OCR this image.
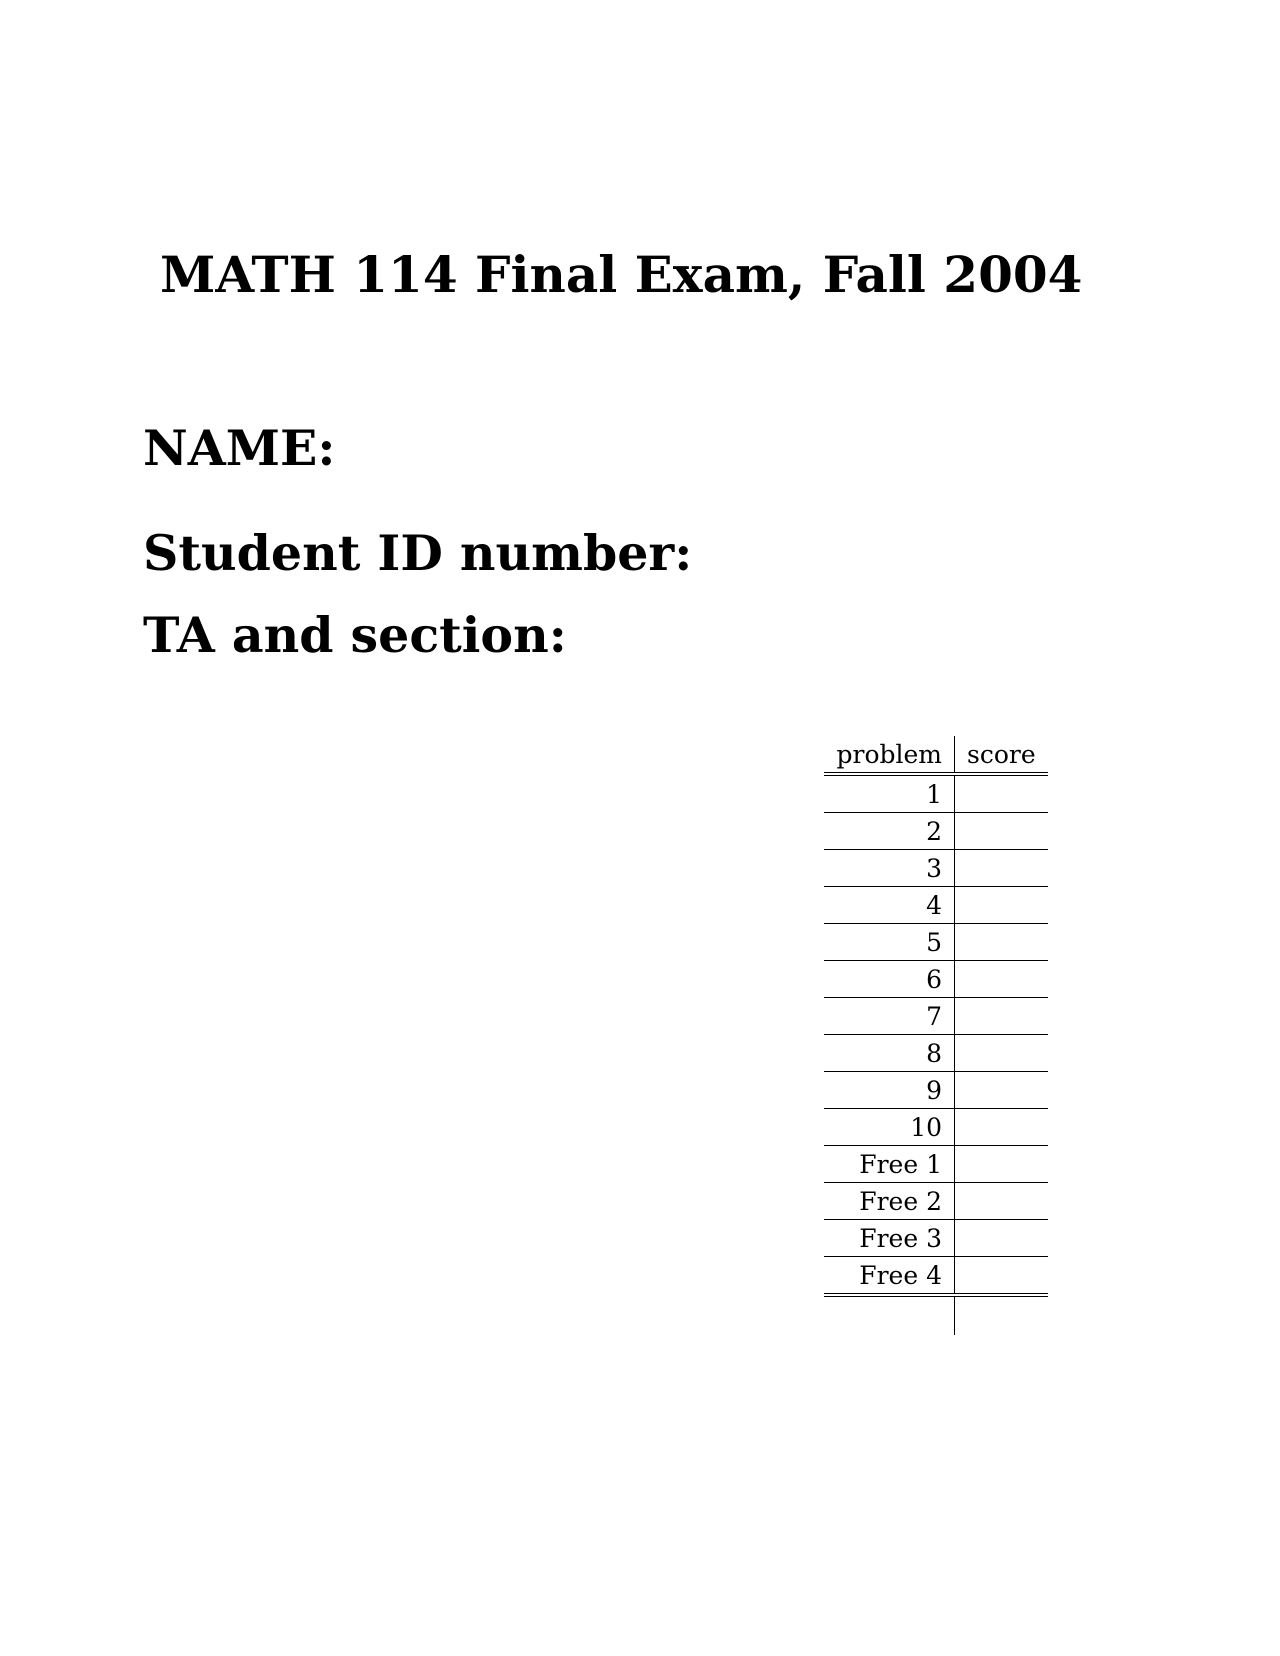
MATH 114 Final Exam, Fall 2004
NAME:
Student ID number:
TA and section:
problem	score
1	
2	
3	
4	
5	
6	
7	
8	
9	
10	
Free 1	
Free 2	
Free 3	
Free 4	
